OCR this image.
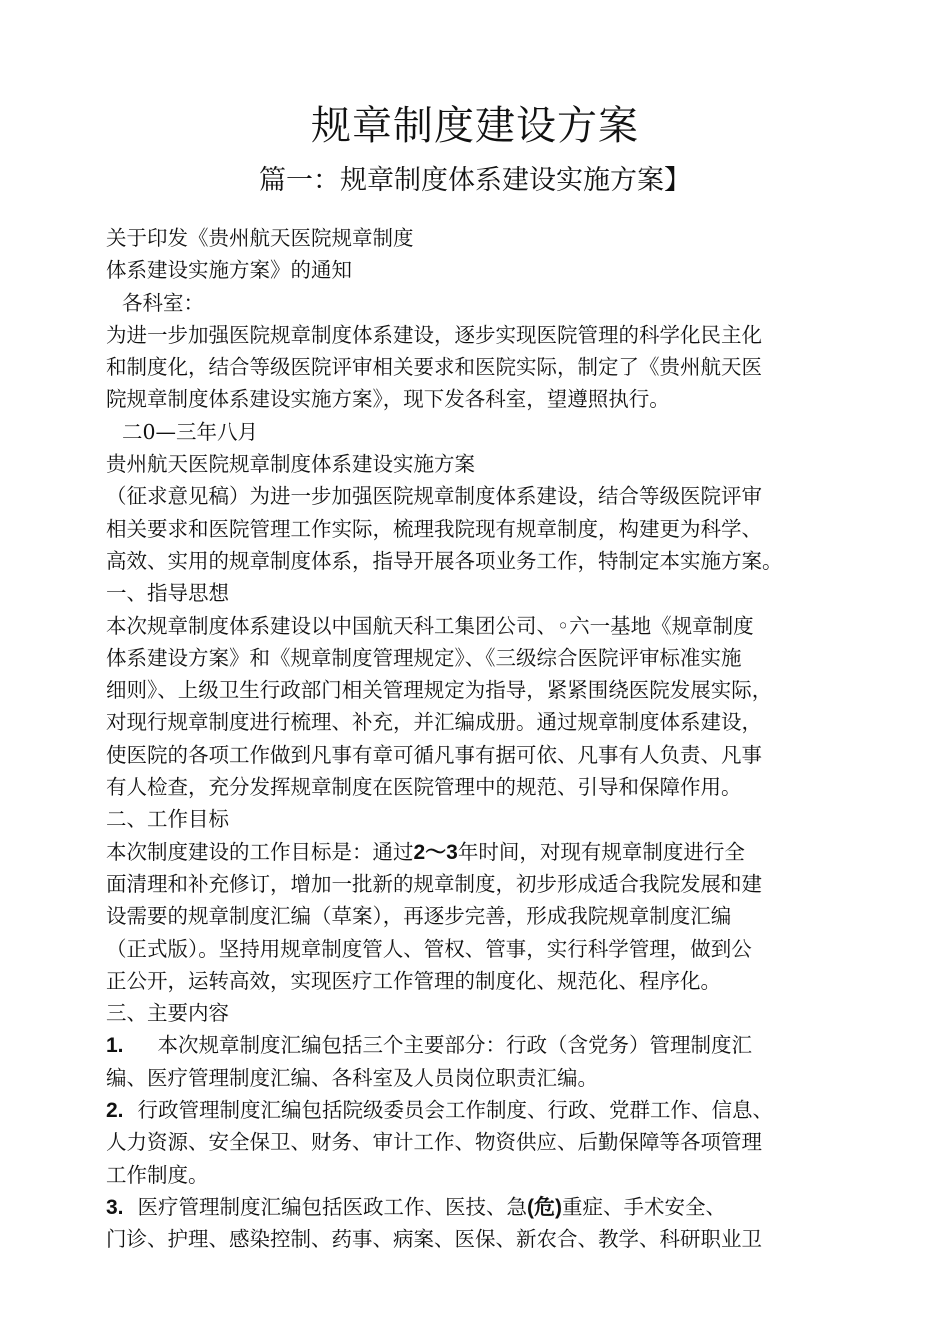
规章制度建设方案
篇一：规章制度体系建设实施方案】
关于印发《贵州航天医院规章制度
体系建设实施方案》的通知
各科室：
为进一步加强医院规章制度体系建设，逐步实现医院管理的科学化民主化
和制度化，结合等级医院评审相关要求和医院实际，制定了《贵州航天医
院规章制度体系建设实施方案》，现下发各科室，望遵照执行。
二0—三年八月
贵州航天医院规章制度体系建设实施方案
（征求意见稿）为进一步加强医院规章制度体系建设，结合等级医院评审
相关要求和医院管理工作实际，梳理我院现有规章制度，构建更为科学、
高效、实用的规章制度体系，指导开展各项业务工作，特制定本实施方案。
一、指导思想
本次规章制度体系建设以中国航天科工集团公司、◦六一基地《规章制度
体系建设方案》和《规章制度管理规定》、《三级综合医院评审标准实施
细则》、上级卫生行政部门相关管理规定为指导，紧紧围绕医院发展实际，
对现行规章制度进行梳理、补充，并汇编成册。通过规章制度体系建设，
使医院的各项工作做到凡事有章可循凡事有据可依、凡事有人负责、凡事
有人检查，充分发挥规章制度在医院管理中的规范、引导和保障作用。
二、工作目标
本次制度建设的工作目标是：通过2〜3年时间，对现有规章制度进行全
面清理和补充修订，增加一批新的规章制度，初步形成适合我院发展和建
设需要的规章制度汇编（草案），再逐步完善，形成我院规章制度汇编
（正式版）。坚持用规章制度管人、管权、管事，实行科学管理，做到公
正公开，运转高效，实现医疗工作管理的制度化、规范化、程序化。
三、主要内容
1. 本次规章制度汇编包括三个主要部分：行政（含党务）管理制度汇
编、医疗管理制度汇编、各科室及人员岗位职责汇编。
2. 行政管理制度汇编包括院级委员会工作制度、行政、党群工作、信息、
人力资源、安全保卫、财务、审计工作、物资供应、后勤保障等各项管理
工作制度。
3. 医疗管理制度汇编包括医政工作、医技、急(危)重症、手术安全、
门诊、护理、感染控制、药事、病案、医保、新农合、教学、科研职业卫
